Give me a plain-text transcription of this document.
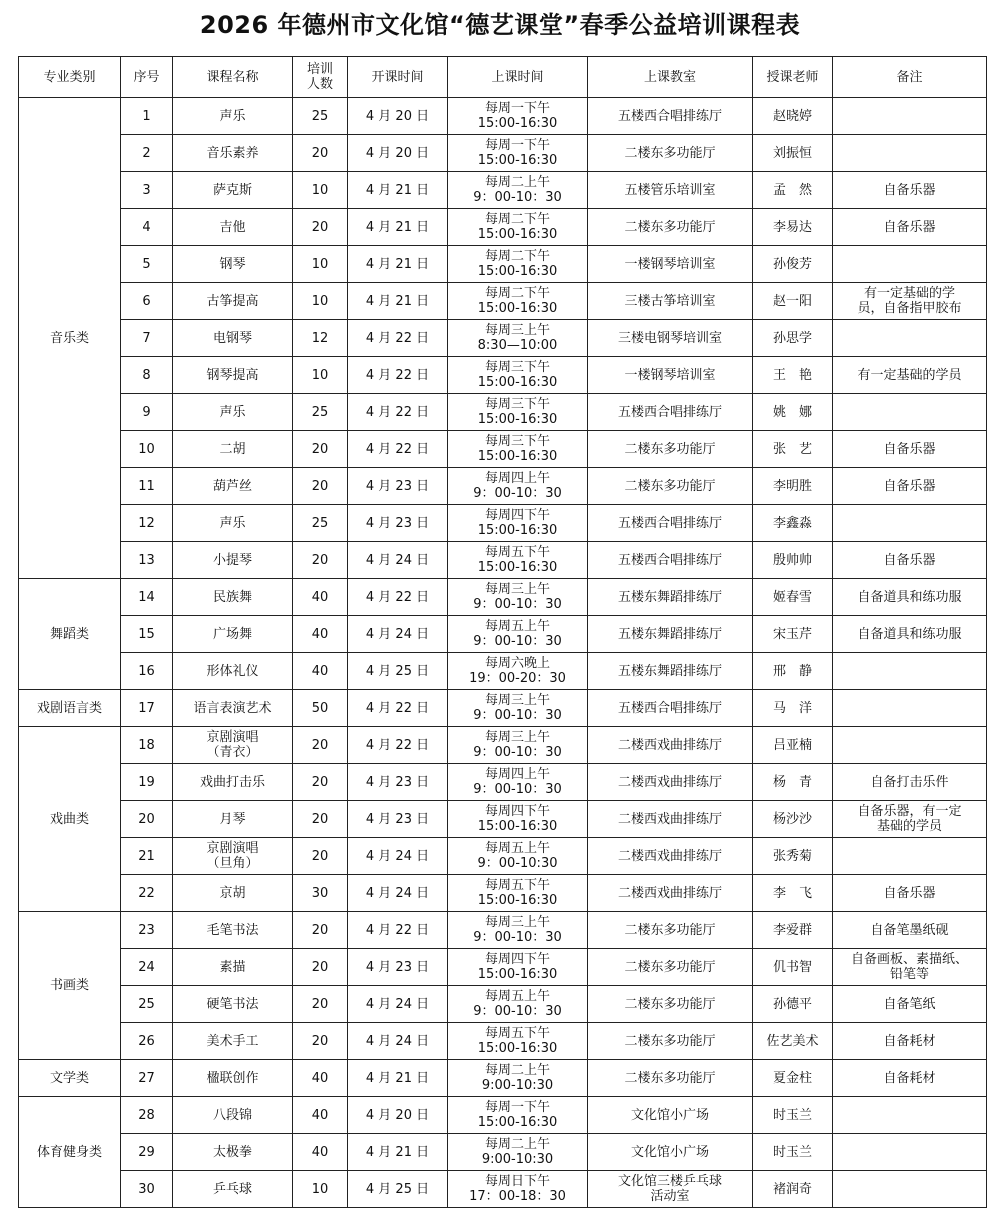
2026 年德州市文化馆“德艺课堂”春季公益培训课程表
专业类别	序号	课程名称	培训
人数	开课时间	上课时间	上课教室	授课老师	备注
音乐类	1	声乐	25	4 月 20 日	每周一下午
15:00-16:30	五楼西合唱排练厅	赵晓婷	
	2	音乐素养	20	4 月 20 日	每周一下午
15:00-16:30	二楼东多功能厅	刘振恒	
	3	萨克斯	10	4 月 21 日	每周二上午
9：00-10：30	五楼管乐培训室	孟　然	自备乐器
	4	吉他	20	4 月 21 日	每周二下午
15:00-16:30	二楼东多功能厅	李易达	自备乐器
	5	钢琴	10	4 月 21 日	每周二下午
15:00-16:30	一楼钢琴培训室	孙俊芳	
	6	古筝提高	10	4 月 21 日	每周二下午
15:00-16:30	三楼古筝培训室	赵一阳	有一定基础的学
员，自备指甲胶布
	7	电钢琴	12	4 月 22 日	每周三上午
8:30—10:00	三楼电钢琴培训室	孙思学	
	8	钢琴提高	10	4 月 22 日	每周三下午
15:00-16:30	一楼钢琴培训室	王　艳	有一定基础的学员
	9	声乐	25	4 月 22 日	每周三下午
15:00-16:30	五楼西合唱排练厅	姚　娜	
	10	二胡	20	4 月 22 日	每周三下午
15:00-16:30	二楼东多功能厅	张　艺	自备乐器
	11	葫芦丝	20	4 月 23 日	每周四上午
9：00-10：30	二楼东多功能厅	李明胜	自备乐器
	12	声乐	25	4 月 23 日	每周四下午
15:00-16:30	五楼西合唱排练厅	李鑫淼	
	13	小提琴	20	4 月 24 日	每周五下午
15:00-16:30	五楼西合唱排练厅	殷帅帅	自备乐器
舞蹈类	14	民族舞	40	4 月 22 日	每周三上午
9：00-10：30	五楼东舞蹈排练厅	姬春雪	自备道具和练功服
	15	广场舞	40	4 月 24 日	每周五上午
9：00-10：30	五楼东舞蹈排练厅	宋玉芹	自备道具和练功服
	16	形体礼仪	40	4 月 25 日	每周六晚上
19：00-20：30	五楼东舞蹈排练厅	邢　静	
戏剧语言类	17	语言表演艺术	50	4 月 22 日	每周三上午
9：00-10：30	五楼西合唱排练厅	马　洋	
戏曲类	18	京剧演唱
（青衣）	20	4 月 22 日	每周三上午
9：00-10：30	二楼西戏曲排练厅	吕亚楠	
	19	戏曲打击乐	20	4 月 23 日	每周四上午
9：00-10：30	二楼西戏曲排练厅	杨　青	自备打击乐件
	20	月琴	20	4 月 23 日	每周四下午
15:00-16:30	二楼西戏曲排练厅	杨沙沙	自备乐器，有一定
基础的学员
	21	京剧演唱
（旦角）	20	4 月 24 日	每周五上午
9：00-10:30	二楼西戏曲排练厅	张秀菊	
	22	京胡	30	4 月 24 日	每周五下午
15:00-16:30	二楼西戏曲排练厅	李　飞	自备乐器
书画类	23	毛笔书法	20	4 月 22 日	每周三上午
9：00-10：30	二楼东多功能厅	李爱群	自备笔墨纸砚
	24	素描	20	4 月 23 日	每周四下午
15:00-16:30	二楼东多功能厅	仉书智	自备画板、素描纸、
铅笔等
	25	硬笔书法	20	4 月 24 日	每周五上午
9：00-10：30	二楼东多功能厅	孙德平	自备笔纸
	26	美术手工	20	4 月 24 日	每周五下午
15:00-16:30	二楼东多功能厅	佐艺美术	自备耗材
文学类	27	楹联创作	40	4 月 21 日	每周二上午
9:00-10:30	二楼东多功能厅	夏金柱	自备耗材
体育健身类	28	八段锦	40	4 月 20 日	每周一下午
15:00-16:30	文化馆小广场	时玉兰	
	29	太极拳	40	4 月 21 日	每周二上午
9:00-10:30	文化馆小广场	时玉兰	
	30	乒乓球	10	4 月 25 日	每周日下午
17：00-18：30	文化馆三楼乒乓球
活动室	褚润奇	
